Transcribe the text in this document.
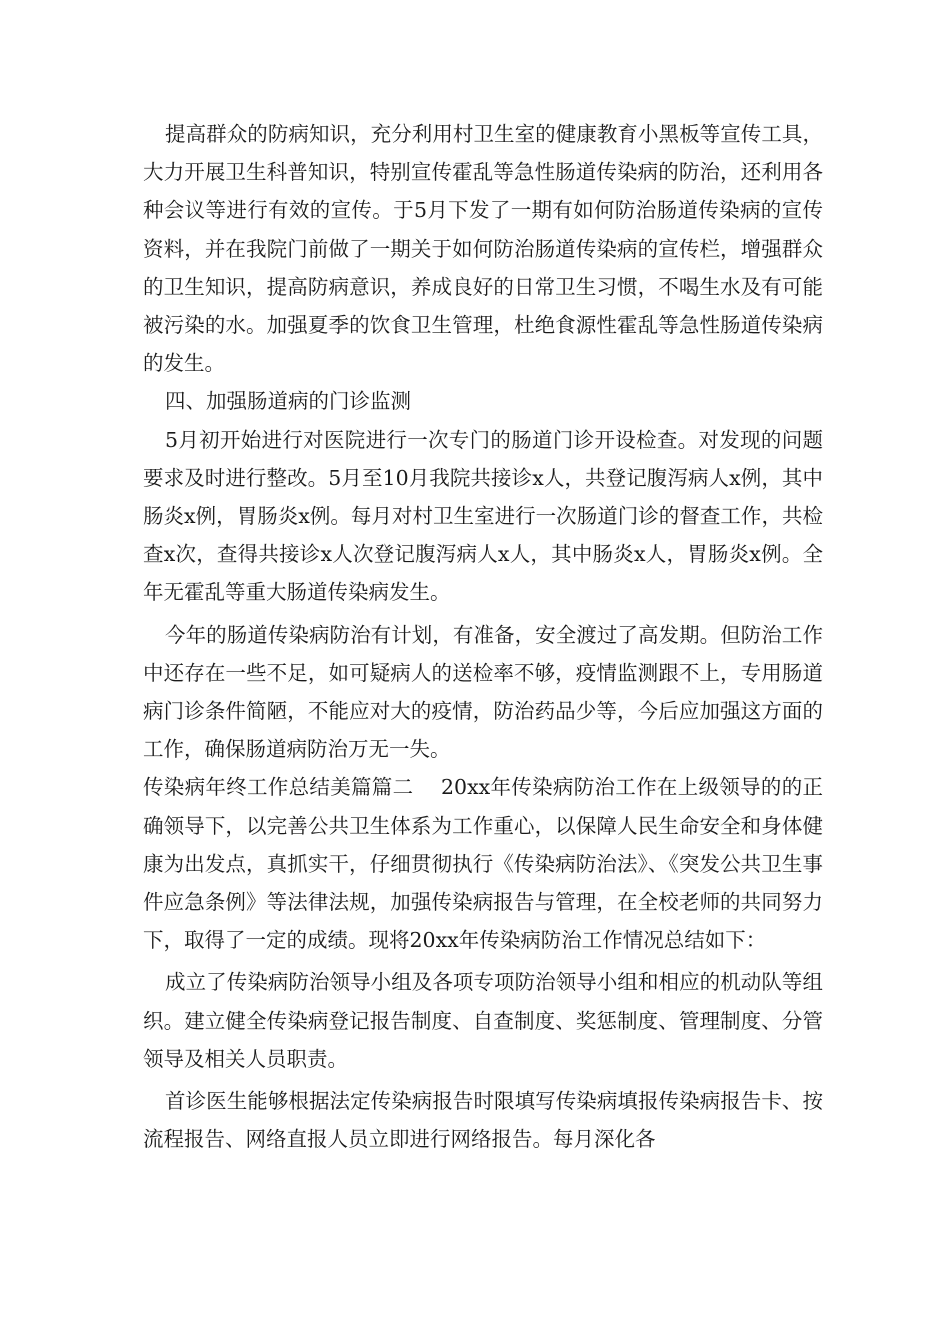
提高群众的防病知识，充分利用村卫生室的健康教育小黑板等宣传工具，大力开展卫生科普知识，特别宣传霍乱等急性肠道传染病的防治，还利用各种会议等进行有效的宣传。于5月下发了一期有如何防治肠道传染病的宣传资料，并在我院门前做了一期关于如何防治肠道传染病的宣传栏，增强群众的卫生知识，提高防病意识，养成良好的日常卫生习惯，不喝生水及有可能被污染的水。加强夏季的饮食卫生管理，杜绝食源性霍乱等急性肠道传染病的发生。

四、加强肠道病的门诊监测

5月初开始进行对医院进行一次专门的肠道门诊开设检查。对发现的问题要求及时进行整改。5月至10月我院共接诊x人，共登记腹泻病人x例，其中肠炎x例，胃肠炎x例。每月对村卫生室进行一次肠道门诊的督查工作，共检查x次，查得共接诊x人次登记腹泻病人x人，其中肠炎x人，胃肠炎x例。全年无霍乱等重大肠道传染病发生。

今年的肠道传染病防治有计划，有准备，安全渡过了高发期。但防治工作中还存在一些不足，如可疑病人的送检率不够，疫情监测跟不上，专用肠道病门诊条件简陋，不能应对大的疫情，防治药品少等，今后应加强这方面的工作，确保肠道病防治万无一失。

传染病年终工作总结美篇篇二　 20xx年传染病防治工作在上级领导的的正确领导下，以完善公共卫生体系为工作重心，以保障人民生命安全和身体健康为出发点，真抓实干，仔细贯彻执行《传染病防治法》、《突发公共卫生事件应急条例》等法律法规，加强传染病报告与管理，在全校老师的共同努力下，取得了一定的成绩。现将20xx年传染病防治工作情况总结如下：

成立了传染病防治领导小组及各项专项防治领导小组和相应的机动队等组织。建立健全传染病登记报告制度、自查制度、奖惩制度、管理制度、分管领导及相关人员职责。

首诊医生能够根据法定传染病报告时限填写传染病填报传染病报告卡、按流程报告、网络直报人员立即进行网络报告。每月深化各
